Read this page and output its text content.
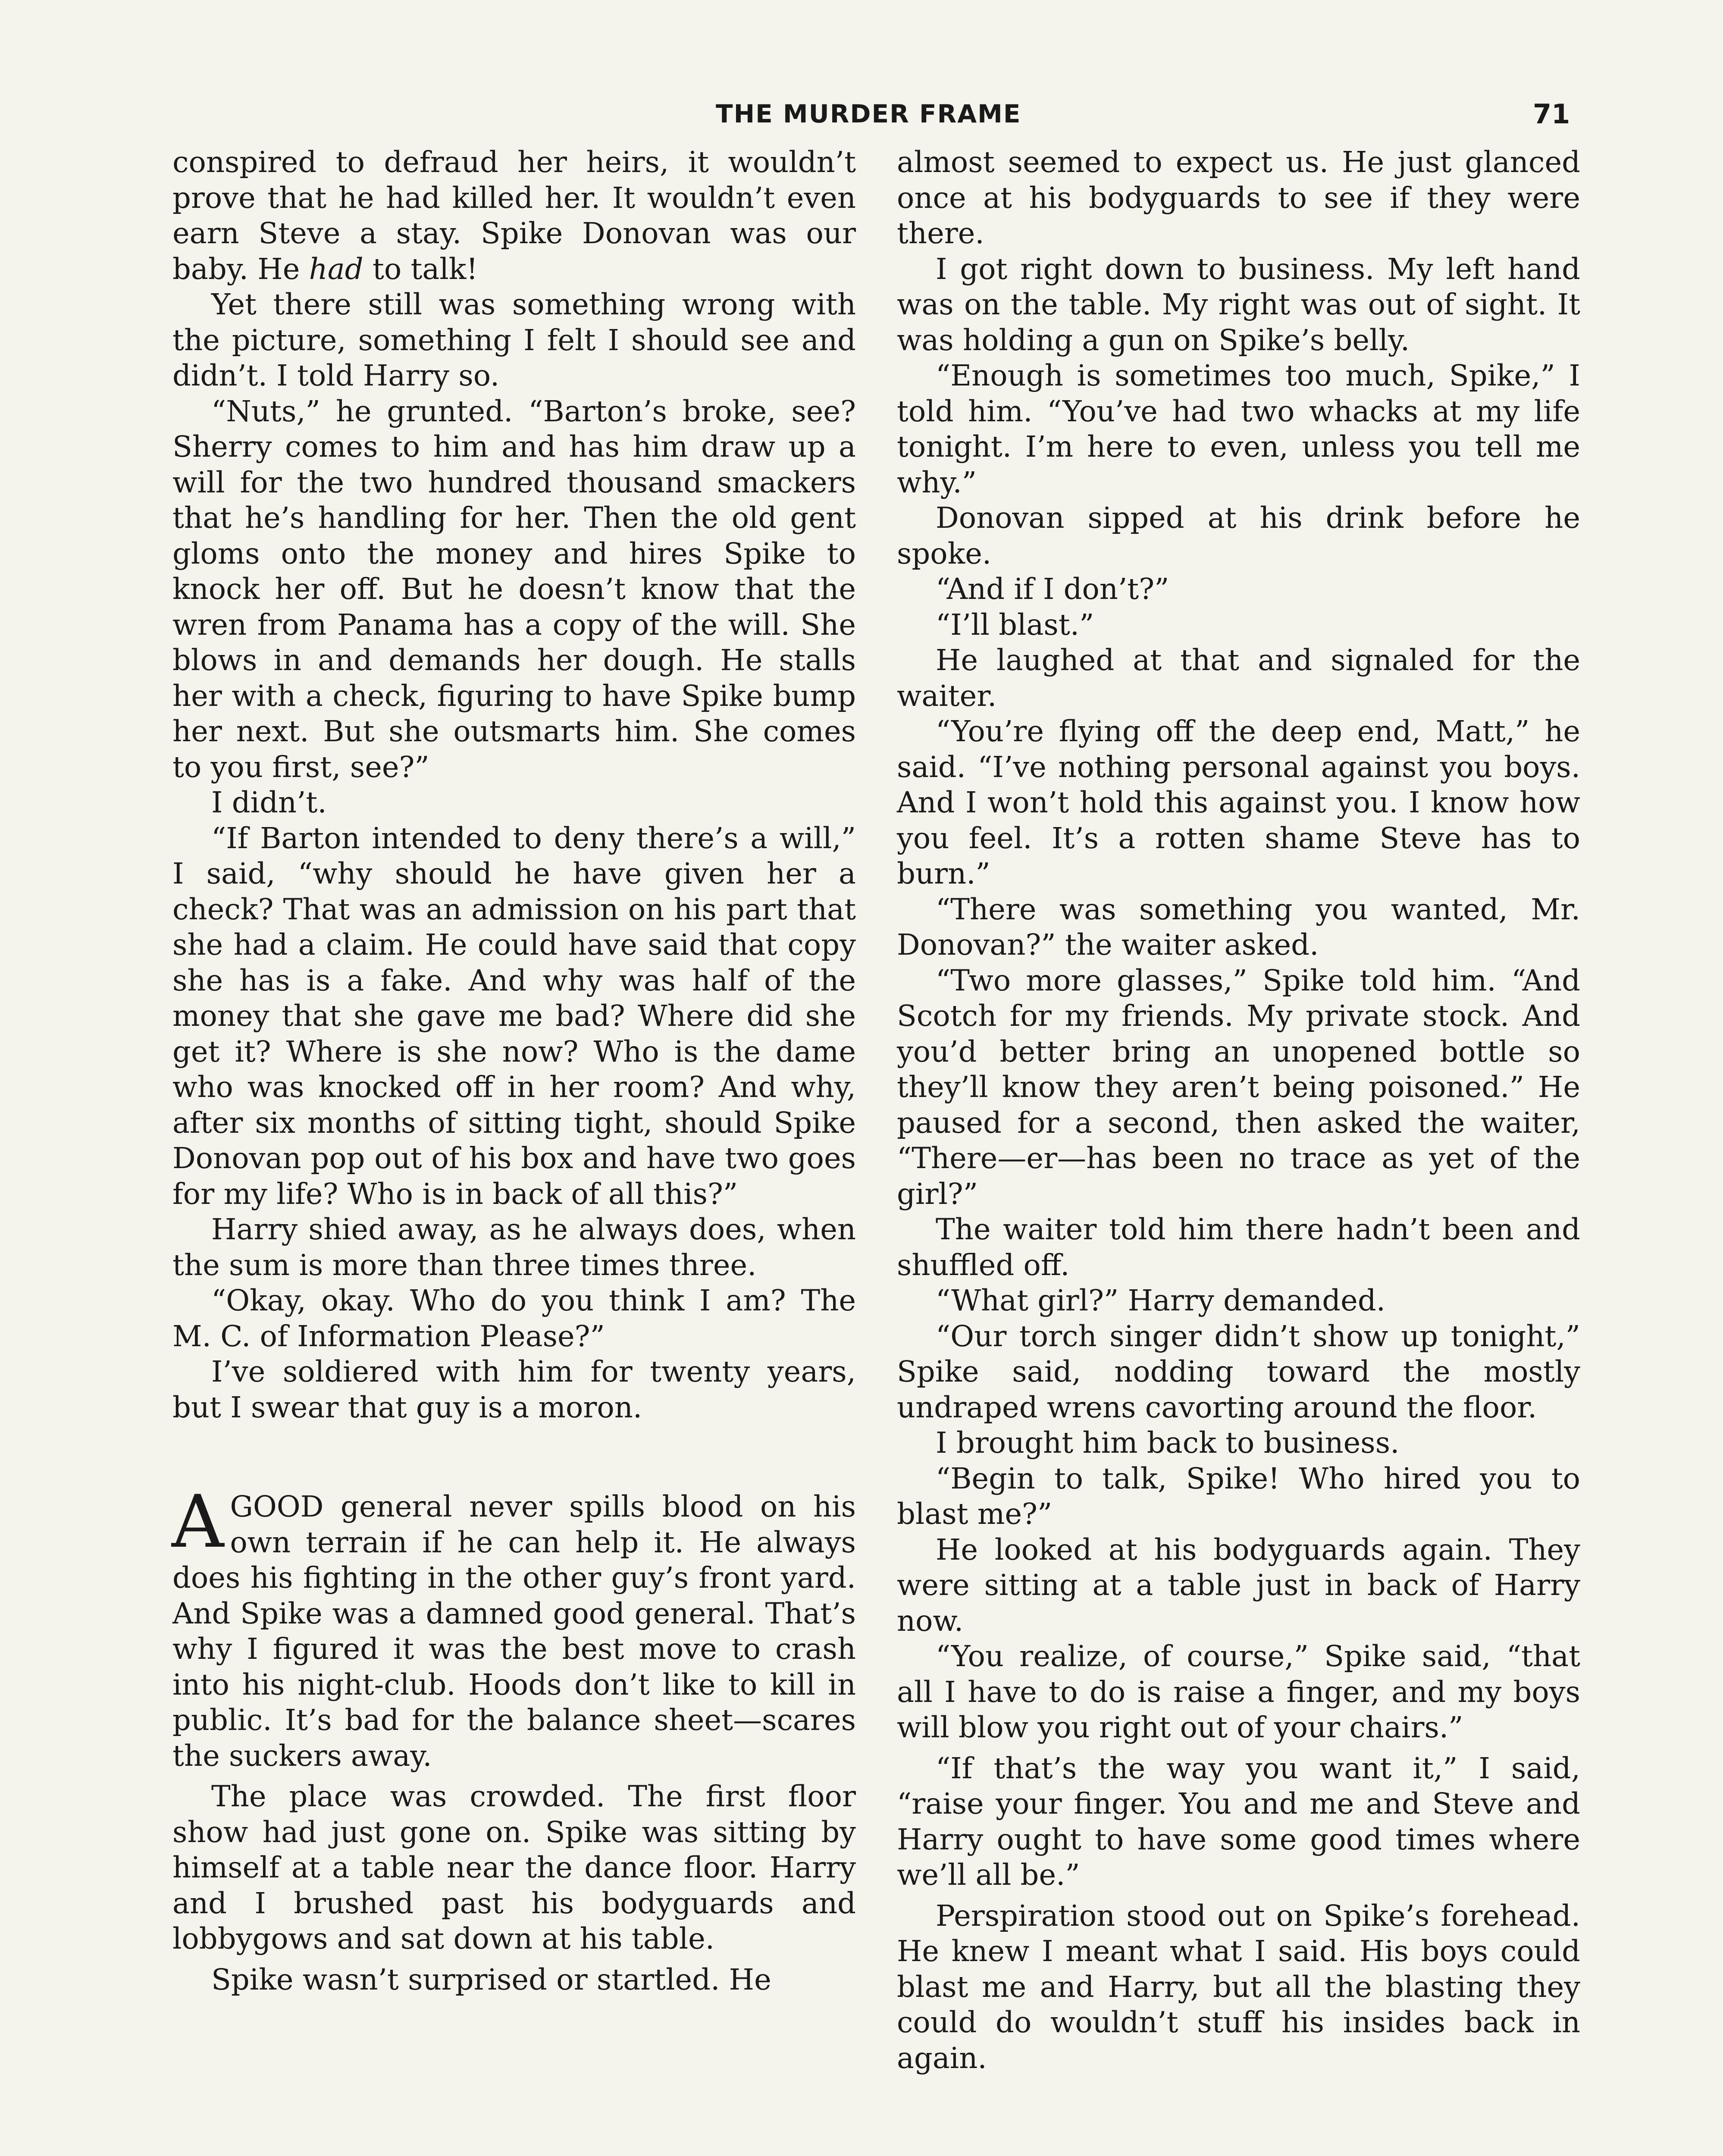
THE MURDER FRAME	71

conspired to defraud her heirs, it wouldn’t prove that he had killed her. It wouldn’t even earn Steve a stay. Spike Donovan was our baby. He had to talk!

Yet there still was something wrong with the picture, something I felt I should see and didn’t. I told Harry so.

“Nuts,” he grunted. “Barton’s broke, see? Sherry comes to him and has him draw up a will for the two hundred thousand smackers that he’s handling for her. Then the old gent gloms onto the money and hires Spike to knock her off. But he doesn’t know that the wren from Panama has a copy of the will. She blows in and demands her dough. He stalls her with a check, figuring to have Spike bump her next. But she outsmarts him. She comes to you first, see?”

I didn’t.

“If Barton intended to deny there’s a will,” I said, “why should he have given her a check? That was an admission on his part that she had a claim. He could have said that copy she has is a fake. And why was half of the money that she gave me bad? Where did she get it? Where is she now? Who is the dame who was knocked off in her room? And why, after six months of sitting tight, should Spike Donovan pop out of his box and have two goes for my life? Who is in back of all this?”

Harry shied away, as he always does, when the sum is more than three times three.

“Okay, okay. Who do you think I am? The M. C. of Information Please?”

I’ve soldiered with him for twenty years, but I swear that guy is a moron.

AGOOD general never spills blood on his own terrain if he can help it. He always does his fighting in the other guy’s front yard. And Spike was a damned good general. That’s why I figured it was the best move to crash into his night-club. Hoods don’t like to kill in public. It’s bad for the balance sheet—scares the suckers away.

The place was crowded. The first floor show had just gone on. Spike was sitting by himself at a table near the dance floor. Harry and I brushed past his bodyguards and lobbygows and sat down at his table.

Spike wasn’t surprised or startled. He

almost seemed to expect us. He just glanced once at his bodyguards to see if they were there.

I got right down to business. My left hand was on the table. My right was out of sight. It was holding a gun on Spike’s belly.

“Enough is sometimes too much, Spike,” I told him. “You’ve had two whacks at my life tonight. I’m here to even, unless you tell me why.”

Donovan sipped at his drink before he spoke.

“And if I don’t?”

“I’ll blast.”

He laughed at that and signaled for the waiter.

“You’re flying off the deep end, Matt,” he said. “I’ve nothing personal against you boys. And I won’t hold this against you. I know how you feel. It’s a rotten shame Steve has to burn.”

“There was something you wanted, Mr. Donovan?” the waiter asked.

“Two more glasses,” Spike told him. “And Scotch for my friends. My private stock. And you’d better bring an unopened bottle so they’ll know they aren’t being poisoned.” He paused for a second, then asked the waiter, “There—er—has been no trace as yet of the girl?”

The waiter told him there hadn’t been and shuffled off.

“What girl?” Harry demanded.

“Our torch singer didn’t show up tonight,” Spike said, nodding toward the mostly undraped wrens cavorting around the floor.

I brought him back to business.

“Begin to talk, Spike! Who hired you to blast me?”

He looked at his bodyguards again. They were sitting at a table just in back of Harry now.

“You realize, of course,” Spike said, “that all I have to do is raise a finger, and my boys will blow you right out of your chairs.”

“If that’s the way you want it,” I said, “raise your finger. You and me and Steve and Harry ought to have some good times where we’ll all be.”

Perspiration stood out on Spike’s forehead. He knew I meant what I said. His boys could blast me and Harry, but all the blasting they could do wouldn’t stuff his insides back in again.
